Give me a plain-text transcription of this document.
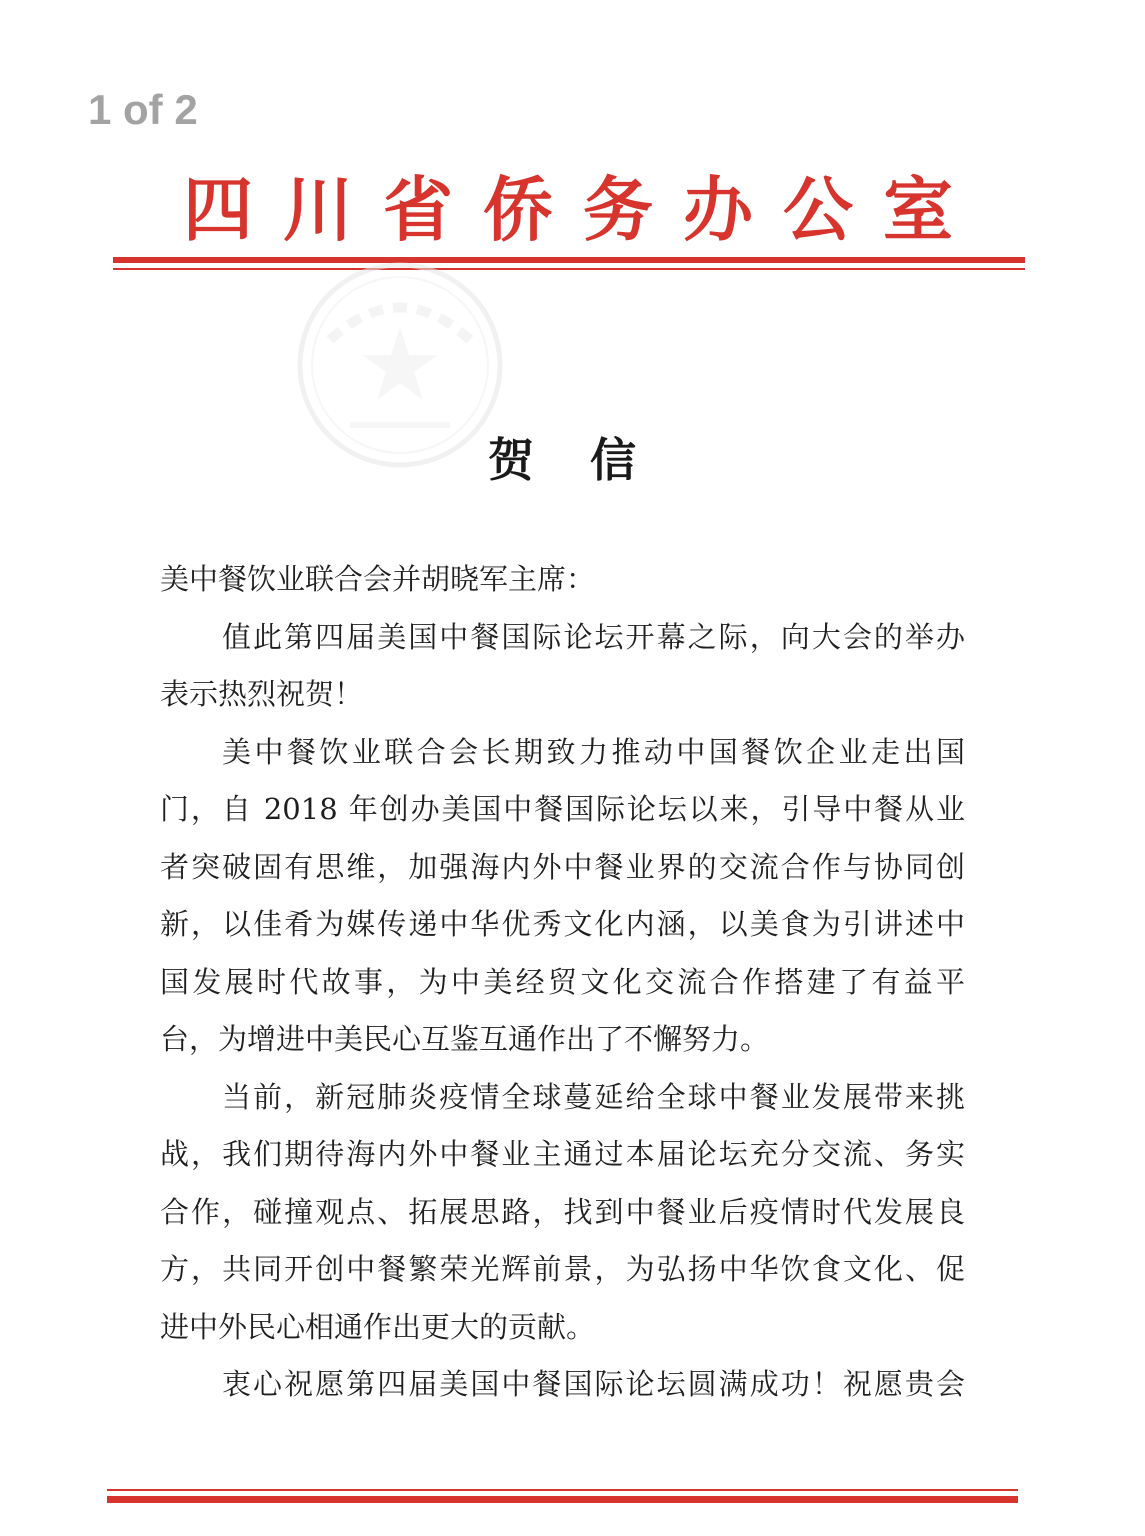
1 of 2
四川省侨务办公室
贺 信
美中餐饮业联合会并胡晓军主席：
值此第四届美国中餐国际论坛开幕之际，向大会的举办
表示热烈祝贺！
美中餐饮业联合会长期致力推动中国餐饮企业走出国
门，自 2018 年创办美国中餐国际论坛以来，引导中餐从业
者突破固有思维，加强海内外中餐业界的交流合作与协同创
新，以佳肴为媒传递中华优秀文化内涵，以美食为引讲述中
国发展时代故事，为中美经贸文化交流合作搭建了有益平
台，为增进中美民心互鉴互通作出了不懈努力。
当前，新冠肺炎疫情全球蔓延给全球中餐业发展带来挑
战，我们期待海内外中餐业主通过本届论坛充分交流、务实
合作，碰撞观点、拓展思路，找到中餐业后疫情时代发展良
方，共同开创中餐繁荣光辉前景，为弘扬中华饮食文化、促
进中外民心相通作出更大的贡献。
衷心祝愿第四届美国中餐国际论坛圆满成功！祝愿贵会
